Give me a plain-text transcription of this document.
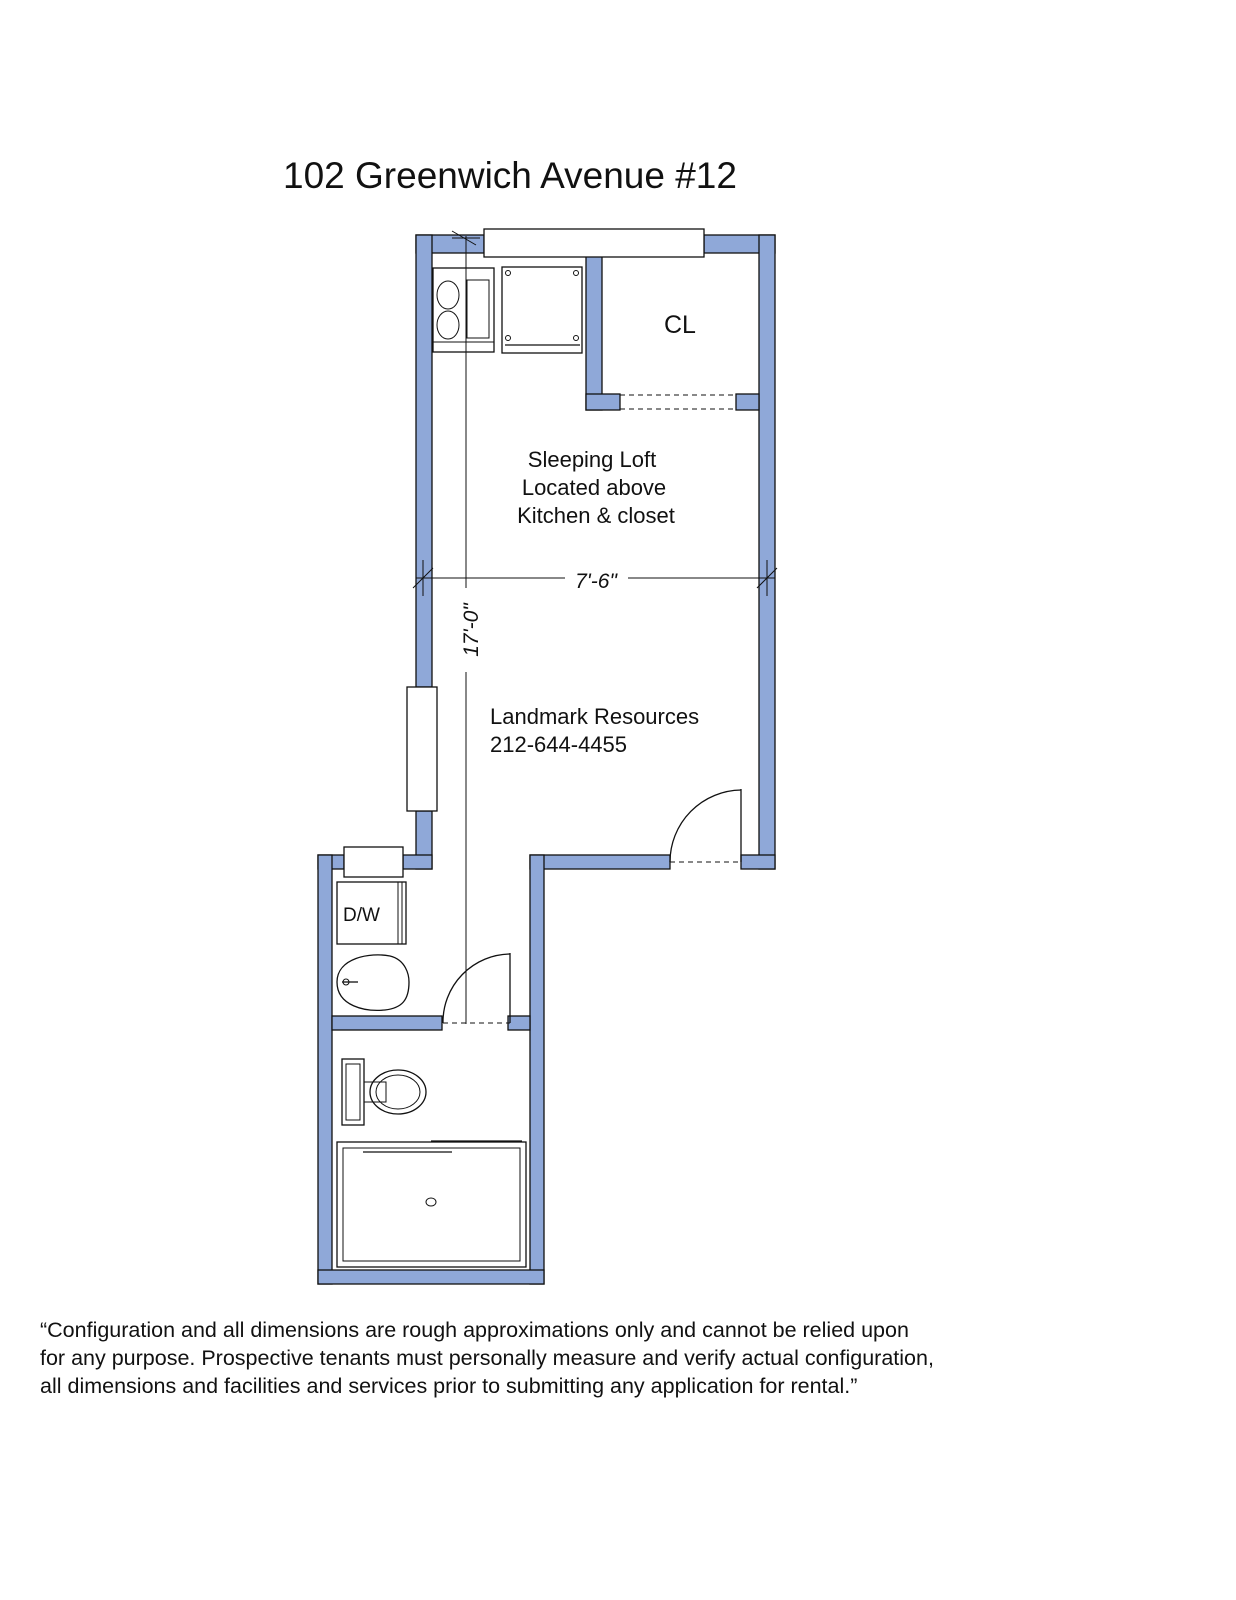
102 Greenwich Avenue #12
CL
Sleeping Loft
Located above
Kitchen & closet
7'-6"
17'-0"
Landmark Resources
212-644-4455
D/W
“Configuration and all dimensions are rough approximations only and cannot be relied upon
for any purpose. Prospective tenants must personally measure and verify actual configuration,
all dimensions and facilities and services prior to submitting any application for rental.”
